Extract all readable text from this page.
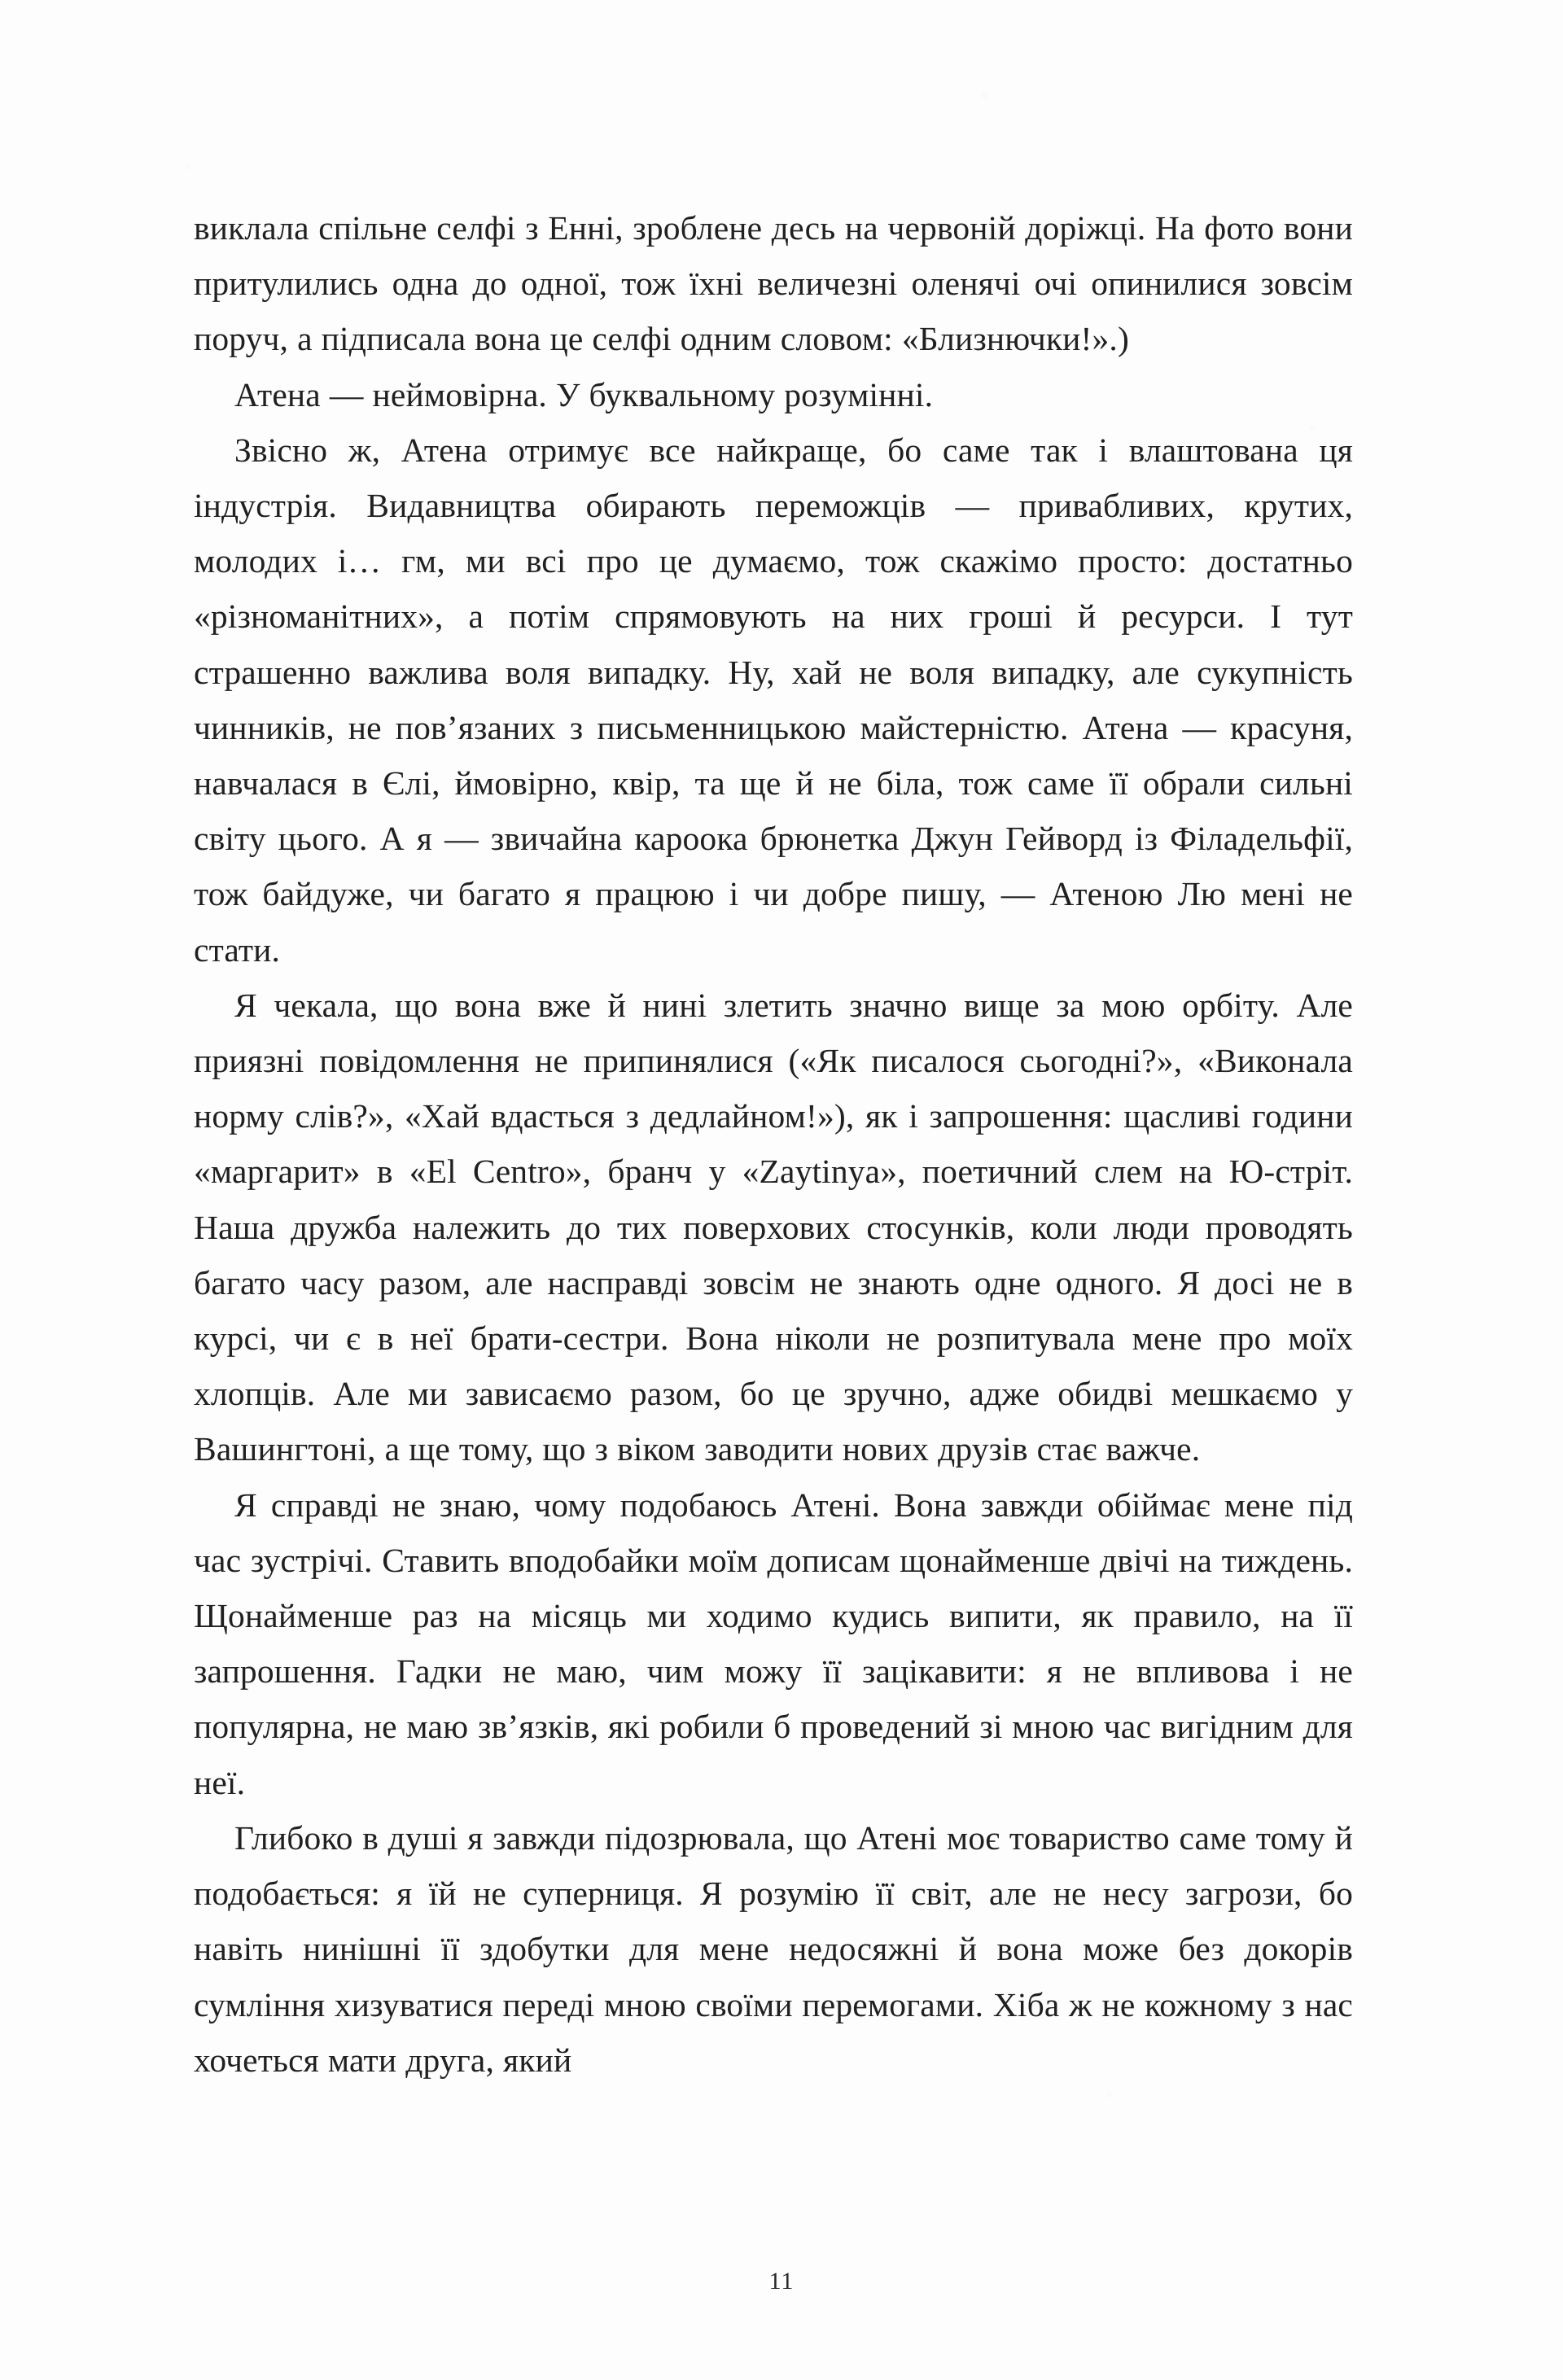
виклала спільне селфі з Енні, зроблене десь на червоній доріжці. На фото вони притулились одна до одної, тож їхні величезні оленячі очі опинилися зовсім поруч, а підписала вона це селфі одним словом: «Близнючки!».)

Атена — неймовірна. У буквальному розумінні.

Звісно ж, Атена отримує все найкраще, бо саме так і влаштована ця індустрія. Видавництва обирають переможців — привабливих, крутих, молодих і… гм, ми всі про це думаємо, тож скажімо просто: достатньо «різноманітних», а потім спрямовують на них гроші й ресурси. І тут страшенно важлива воля випадку. Ну, хай не воля випадку, але сукупність чинників, не пов’язаних з письменницькою майстерністю. Атена — красуня, навчалася в Єлі, ймовірно, квір, та ще й не біла, тож саме її обрали сильні світу цього. А я — звичайна кароока брюнетка Джун Гейворд із Філадельфії, тож байдуже, чи багато я працюю і чи добре пишу, — Атеною Лю мені не стати.

Я чекала, що вона вже й нині злетить значно вище за мою орбіту. Але приязні повідомлення не припинялися («Як писалося сьогодні?», «Виконала норму слів?», «Хай вдасться з дедлайном!»), як і запрошення: щасливі години «маргарит» в «El Centro», бранч у «Zaytinya», поетичний слем на Ю-стріт. Наша дружба належить до тих поверхових стосунків, коли люди проводять багато часу разом, але насправді зовсім не знають одне одного. Я досі не в курсі, чи є в неї брати-сестри. Вона ніколи не розпитувала мене про моїх хлопців. Але ми зависаємо разом, бо це зручно, адже обидві мешкаємо у Вашингтоні, а ще тому, що з віком заводити нових друзів стає важче.

Я справді не знаю, чому подобаюсь Атені. Вона завжди обіймає мене під час зустрічі. Ставить вподобайки моїм дописам щонайменше двічі на тиждень. Щонайменше раз на місяць ми ходимо кудись випити, як правило, на її запрошення. Гадки не маю, чим можу її зацікавити: я не впливова і не популярна, не маю зв’язків, які робили б проведений зі мною час вигідним для неї.

Глибоко в душі я завжди підозрювала, що Атені моє товариство саме тому й подобається: я їй не суперниця. Я розумію її світ, але не несу загрози, бо навіть нинішні її здобутки для мене недосяжні й вона може без докорів сумління хизуватися переді мною своїми перемогами. Хіба ж не кожному з нас хочеться мати друга, який

11
